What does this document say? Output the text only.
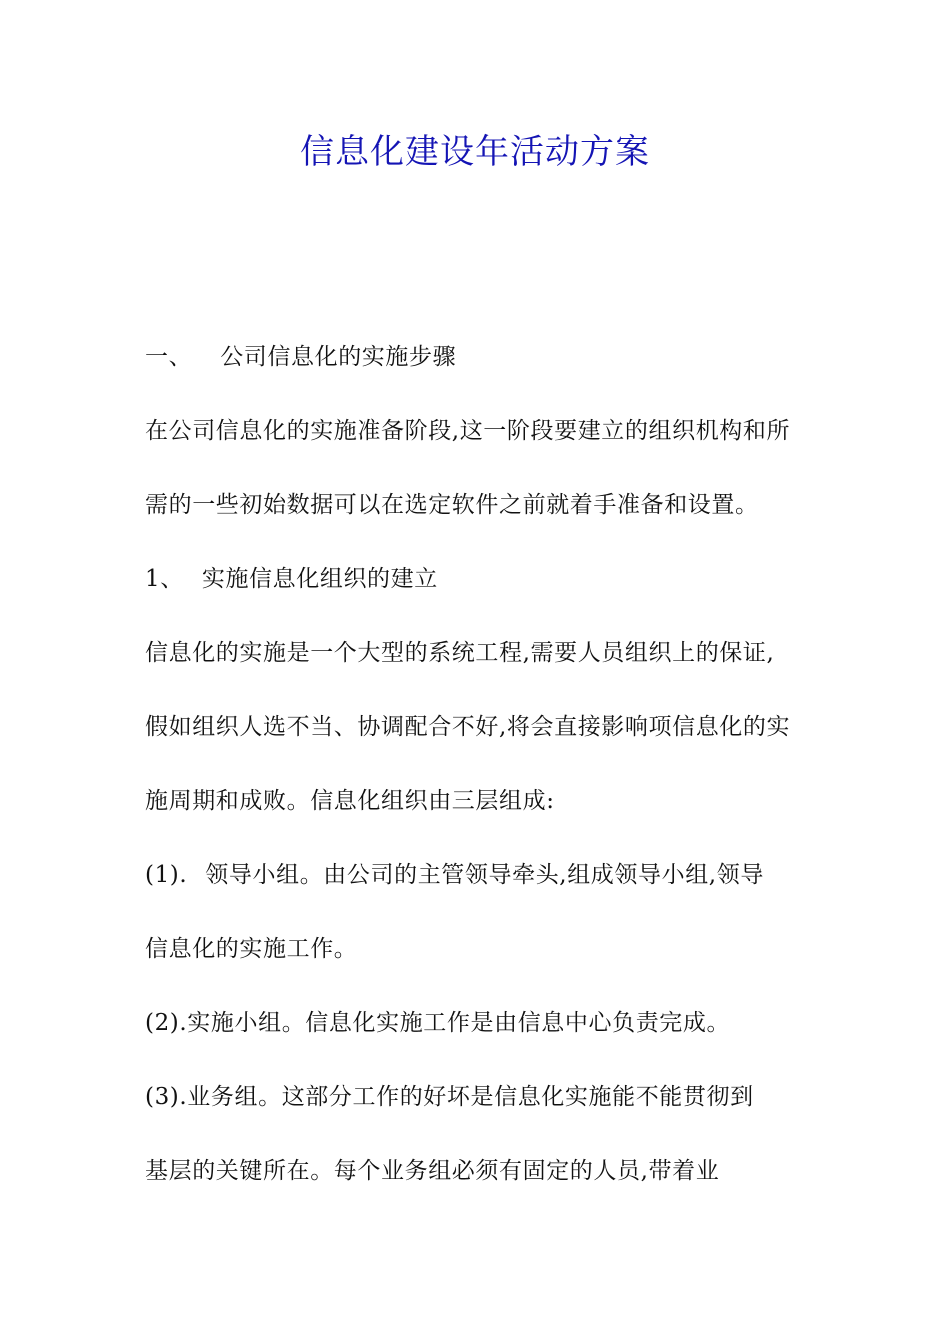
信息化建设年活动方案
一、 公司信息化的实施步骤
在公司信息化的实施准备阶段,这一阶段要建立的组织机构和所
需的一些初始数据可以在选定软件之前就着手准备和设置。
1、 实施信息化组织的建立
信息化的实施是一个大型的系统工程,需要人员组织上的保证,
假如组织人选不当、协调配合不好,将会直接影响项信息化的实
施周期和成败。信息化组织由三层组成:
(1). 领导小组。由公司的主管领导牵头,组成领导小组,领导
信息化的实施工作。
(2).实施小组。信息化实施工作是由信息中心负责完成。
(3).业务组。这部分工作的好坏是信息化实施能不能贯彻到
基层的关键所在。每个业务组必须有固定的人员,带着业
